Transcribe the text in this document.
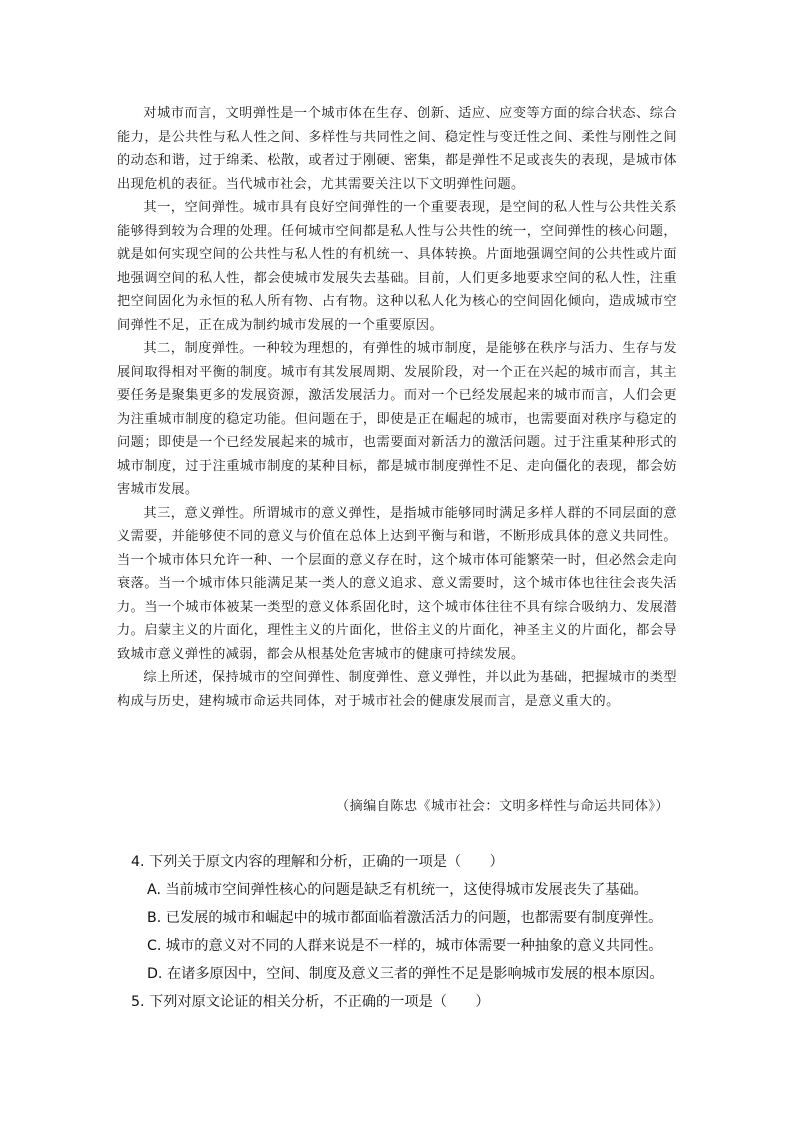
对城市而言，文明弹性是一个城市体在生存、创新、适应、应变等方面的综合状态、综合能力，是公共性与私人性之间、多样性与共同性之间、稳定性与变迁性之间、柔性与刚性之间的动态和谐，过于绵柔、松散，或者过于刚硬、密集，都是弹性不足或丧失的表现，是城市体出现危机的表征。当代城市社会，尤其需要关注以下文明弹性问题。

其一，空间弹性。城市具有良好空间弹性的一个重要表现，是空间的私人性与公共性关系能够得到较为合理的处理。任何城市空间都是私人性与公共性的统一，空间弹性的核心问题，就是如何实现空间的公共性与私人性的有机统一、具体转换。片面地强调空间的公共性或片面地强调空间的私人性，都会使城市发展失去基础。目前，人们更多地要求空间的私人性，注重把空间固化为永恒的私人所有物、占有物。这种以私人化为核心的空间固化倾向，造成城市空间弹性不足，正在成为制约城市发展的一个重要原因。

其二，制度弹性。一种较为理想的，有弹性的城市制度，是能够在秩序与活力、生存与发展间取得相对平衡的制度。城市有其发展周期、发展阶段，对一个正在兴起的城市而言，其主要任务是聚集更多的发展资源，激活发展活力。而对一个已经发展起来的城市而言，人们会更为注重城市制度的稳定功能。但问题在于，即使是正在崛起的城市，也需要面对秩序与稳定的问题；即使是一个已经发展起来的城市，也需要面对新活力的激活问题。过于注重某种形式的城市制度，过于注重城市制度的某种目标，都是城市制度弹性不足、走向僵化的表现，都会妨害城市发展。

其三，意义弹性。所谓城市的意义弹性，是指城市能够同时满足多样人群的不同层面的意义需要，并能够使不同的意义与价值在总体上达到平衡与和谐，不断形成具体的意义共同性。当一个城市体只允许一种、一个层面的意义存在时，这个城市体可能繁荣一时，但必然会走向衰落。当一个城市体只能满足某一类人的意义追求、意义需要时，这个城市体也往往会丧失活力。当一个城市体被某一类型的意义体系固化时，这个城市体往往不具有综合吸纳力、发展潜力。启蒙主义的片面化，理性主义的片面化，世俗主义的片面化，神圣主义的片面化，都会导致城市意义弹性的减弱，都会从根基处危害城市的健康可持续发展。

综上所述，保持城市的空间弹性、制度弹性、意义弹性，并以此为基础，把握城市的类型构成与历史，建构城市命运共同体，对于城市社会的健康发展而言，是意义重大的。

（摘编自陈忠《城市社会：文明多样性与命运共同体》）

4. 下列关于原文内容的理解和分析，正确的一项是（　　）

A. 当前城市空间弹性核心的问题是缺乏有机统一，这使得城市发展丧失了基础。

B. 已发展的城市和崛起中的城市都面临着激活活力的问题，也都需要有制度弹性。

C. 城市的意义对不同的人群来说是不一样的，城市体需要一种抽象的意义共同性。

D. 在诸多原因中，空间、制度及意义三者的弹性不足是影响城市发展的根本原因。

5. 下列对原文论证的相关分析，不正确的一项是（　　）
